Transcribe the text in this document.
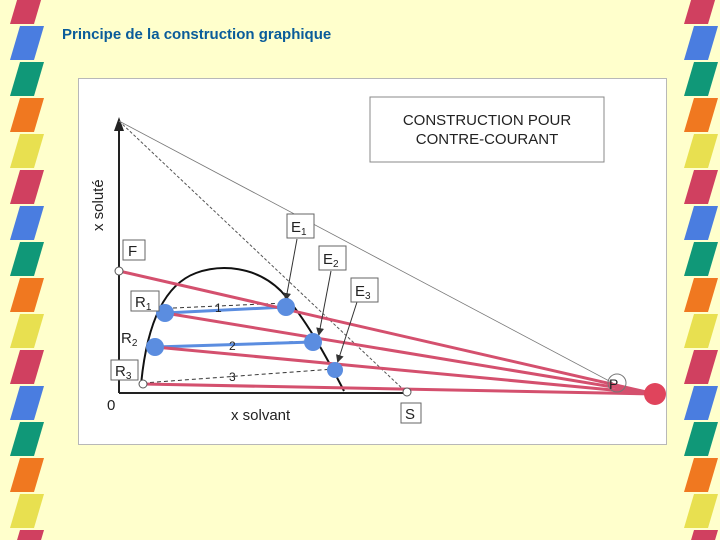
Principe de la construction graphique
CONSTRUCTION POUR
CONTRE-COURANT
x soluté
x solvant
0
F
$R_1$
$R_2$
$R_3$
$E_1$
$E_2$
$E_3$
S
P
1
2
3
